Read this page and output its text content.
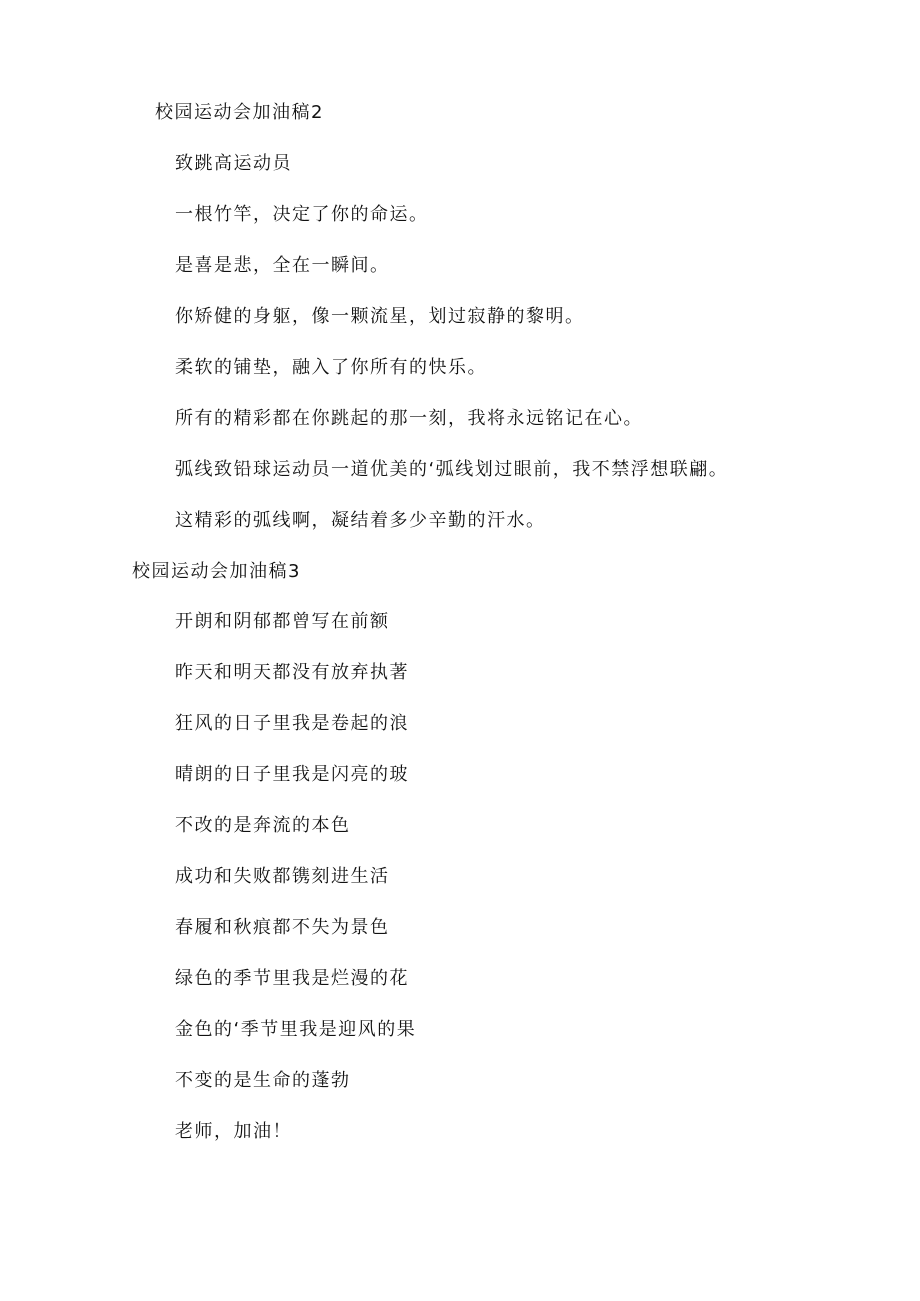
校园运动会加油稿2
致跳高运动员
一根竹竿，决定了你的命运。
是喜是悲，全在一瞬间。
你矫健的身躯，像一颗流星，划过寂静的黎明。
柔软的铺垫，融入了你所有的快乐。
所有的精彩都在你跳起的那一刻，我将永远铭记在心。
弧线致铅球运动员一道优美的‘弧线划过眼前，我不禁浮想联翩。
这精彩的弧线啊，凝结着多少辛勤的汗水。
校园运动会加油稿3
开朗和阴郁都曾写在前额
昨天和明天都没有放弃执著
狂风的日子里我是卷起的浪
晴朗的日子里我是闪亮的玻
不改的是奔流的本色
成功和失败都镌刻进生活
春履和秋痕都不失为景色
绿色的季节里我是烂漫的花
金色的‘季节里我是迎风的果
不变的是生命的蓬勃
老师，加油！
